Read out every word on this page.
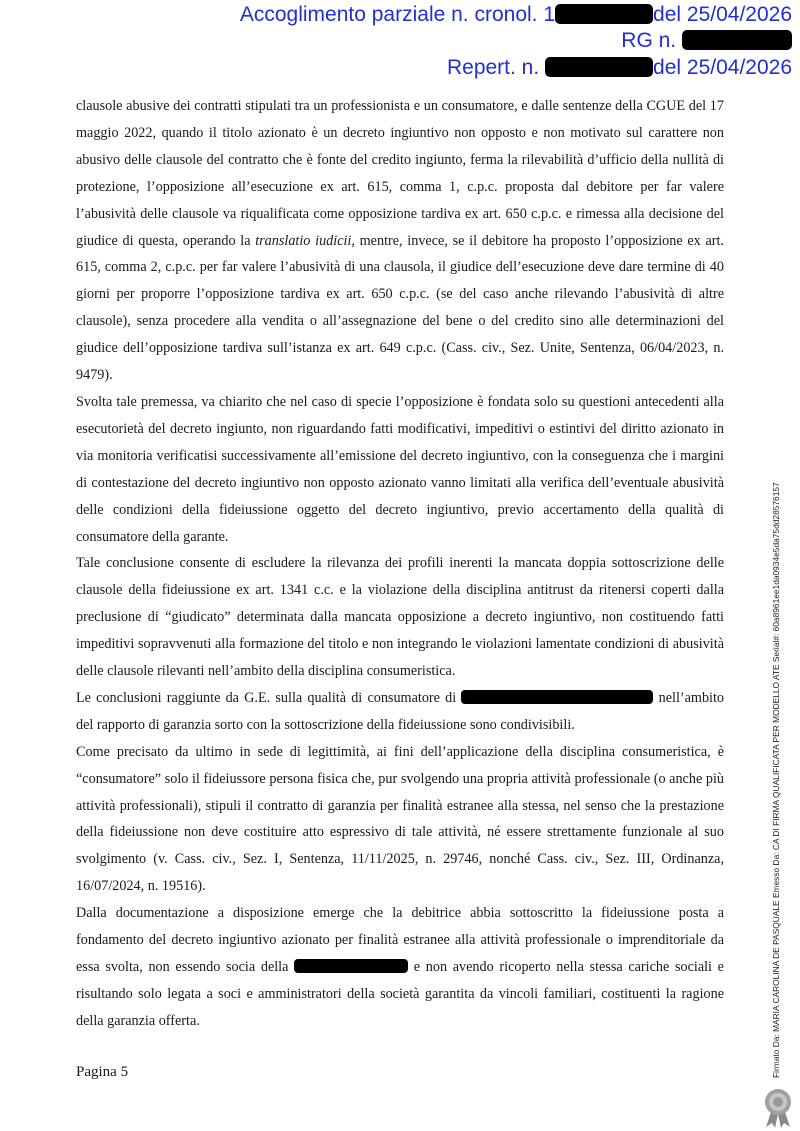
Accoglimento parziale n. cronol. 1	del 25/04/2026
RG n.
Repert. n.	del 25/04/2026

clausole abusive dei contratti stipulati tra un professionista e un consumatore, e dalle sentenze della CGUE del 17 maggio 2022, quando il titolo azionato è un decreto ingiuntivo non opposto e non motivato sul carattere non abusivo delle clausole del contratto che è fonte del credito ingiunto, ferma la rilevabilità d’ufficio della nullità di protezione, l’opposizione all’esecuzione ex art. 615, comma 1, c.p.c. proposta dal debitore per far valere l’abusività delle clausole va riqualificata come opposizione tardiva ex art. 650 c.p.c. e rimessa alla decisione del giudice di questa, operando la translatio iudicii, mentre, invece, se il debitore ha proposto l’opposizione ex art. 615, comma 2, c.p.c. per far valere l’abusività di una clausola, il giudice dell’esecuzione deve dare termine di 40 giorni per proporre l’opposizione tardiva ex art. 650 c.p.c. (se del caso anche rilevando l’abusività di altre clausole), senza procedere alla vendita o all’assegnazione del bene o del credito sino alle determinazioni del giudice dell’opposizione tardiva sull’istanza ex art. 649 c.p.c. (Cass. civ., Sez. Unite, Sentenza, 06/04/2023, n. 9479).

Svolta tale premessa, va chiarito che nel caso di specie l’opposizione è fondata solo su questioni antecedenti alla esecutorietà del decreto ingiunto, non riguardando fatti modificativi, impeditivi o estintivi del diritto azionato in via monitoria verificatisi successivamente all’emissione del decreto ingiuntivo, con la conseguenza che i margini di contestazione del decreto ingiuntivo non opposto azionato vanno limitati alla verifica dell’eventuale abusività delle condizioni della fideiussione oggetto del decreto ingiuntivo, previo accertamento della qualità di consumatore della garante.

Tale conclusione consente di escludere la rilevanza dei profili inerenti la mancata doppia sottoscrizione delle clausole della fideiussione ex art. 1341 c.c. e la violazione della disciplina antitrust da ritenersi coperti dalla preclusione di “giudicato” determinata dalla mancata opposizione a decreto ingiuntivo, non costituendo fatti impeditivi sopravvenuti alla formazione del titolo e non integrando le violazioni lamentate condizioni di abusività delle clausole rilevanti nell’ambito della disciplina consumeristica.

Le conclusioni raggiunte da G.E. sulla qualità di consumatore di	nell’ambito del rapporto di garanzia sorto con la sottoscrizione della fideiussione sono condivisibili.

Come precisato da ultimo in sede di legittimità, ai fini dell’applicazione della disciplina consumeristica, è “consumatore” solo il fideiussore persona fisica che, pur svolgendo una propria attività professionale (o anche più attività professionali), stipuli il contratto di garanzia per finalità estranee alla stessa, nel senso che la prestazione della fideiussione non deve costituire atto espressivo di tale attività, né essere strettamente funzionale al suo svolgimento (v. Cass. civ., Sez. I, Sentenza, 11/11/2025, n. 29746, nonché Cass. civ., Sez. III, Ordinanza, 16/07/2024, n. 19516).

Dalla documentazione a disposizione emerge che la debitrice abbia sottoscritto la fideiussione posta a fondamento del decreto ingiuntivo azionato per finalità estranee alla attività professionale o imprenditoriale da essa svolta, non essendo socia della	e non avendo ricoperto nella stessa cariche sociali e risultando solo legata a soci e amministratori della società garantita da vincoli familiari, costituenti la ragione della garanzia offerta.

Pagina 5	Firmato Da: MARIA CAROLINA DE PASQUALE Emesso Da: CA DI FIRMA QUALIFICATA PER MODELLO ATE Serial#: 60a8961ee1da0934e5da75dd28576157
